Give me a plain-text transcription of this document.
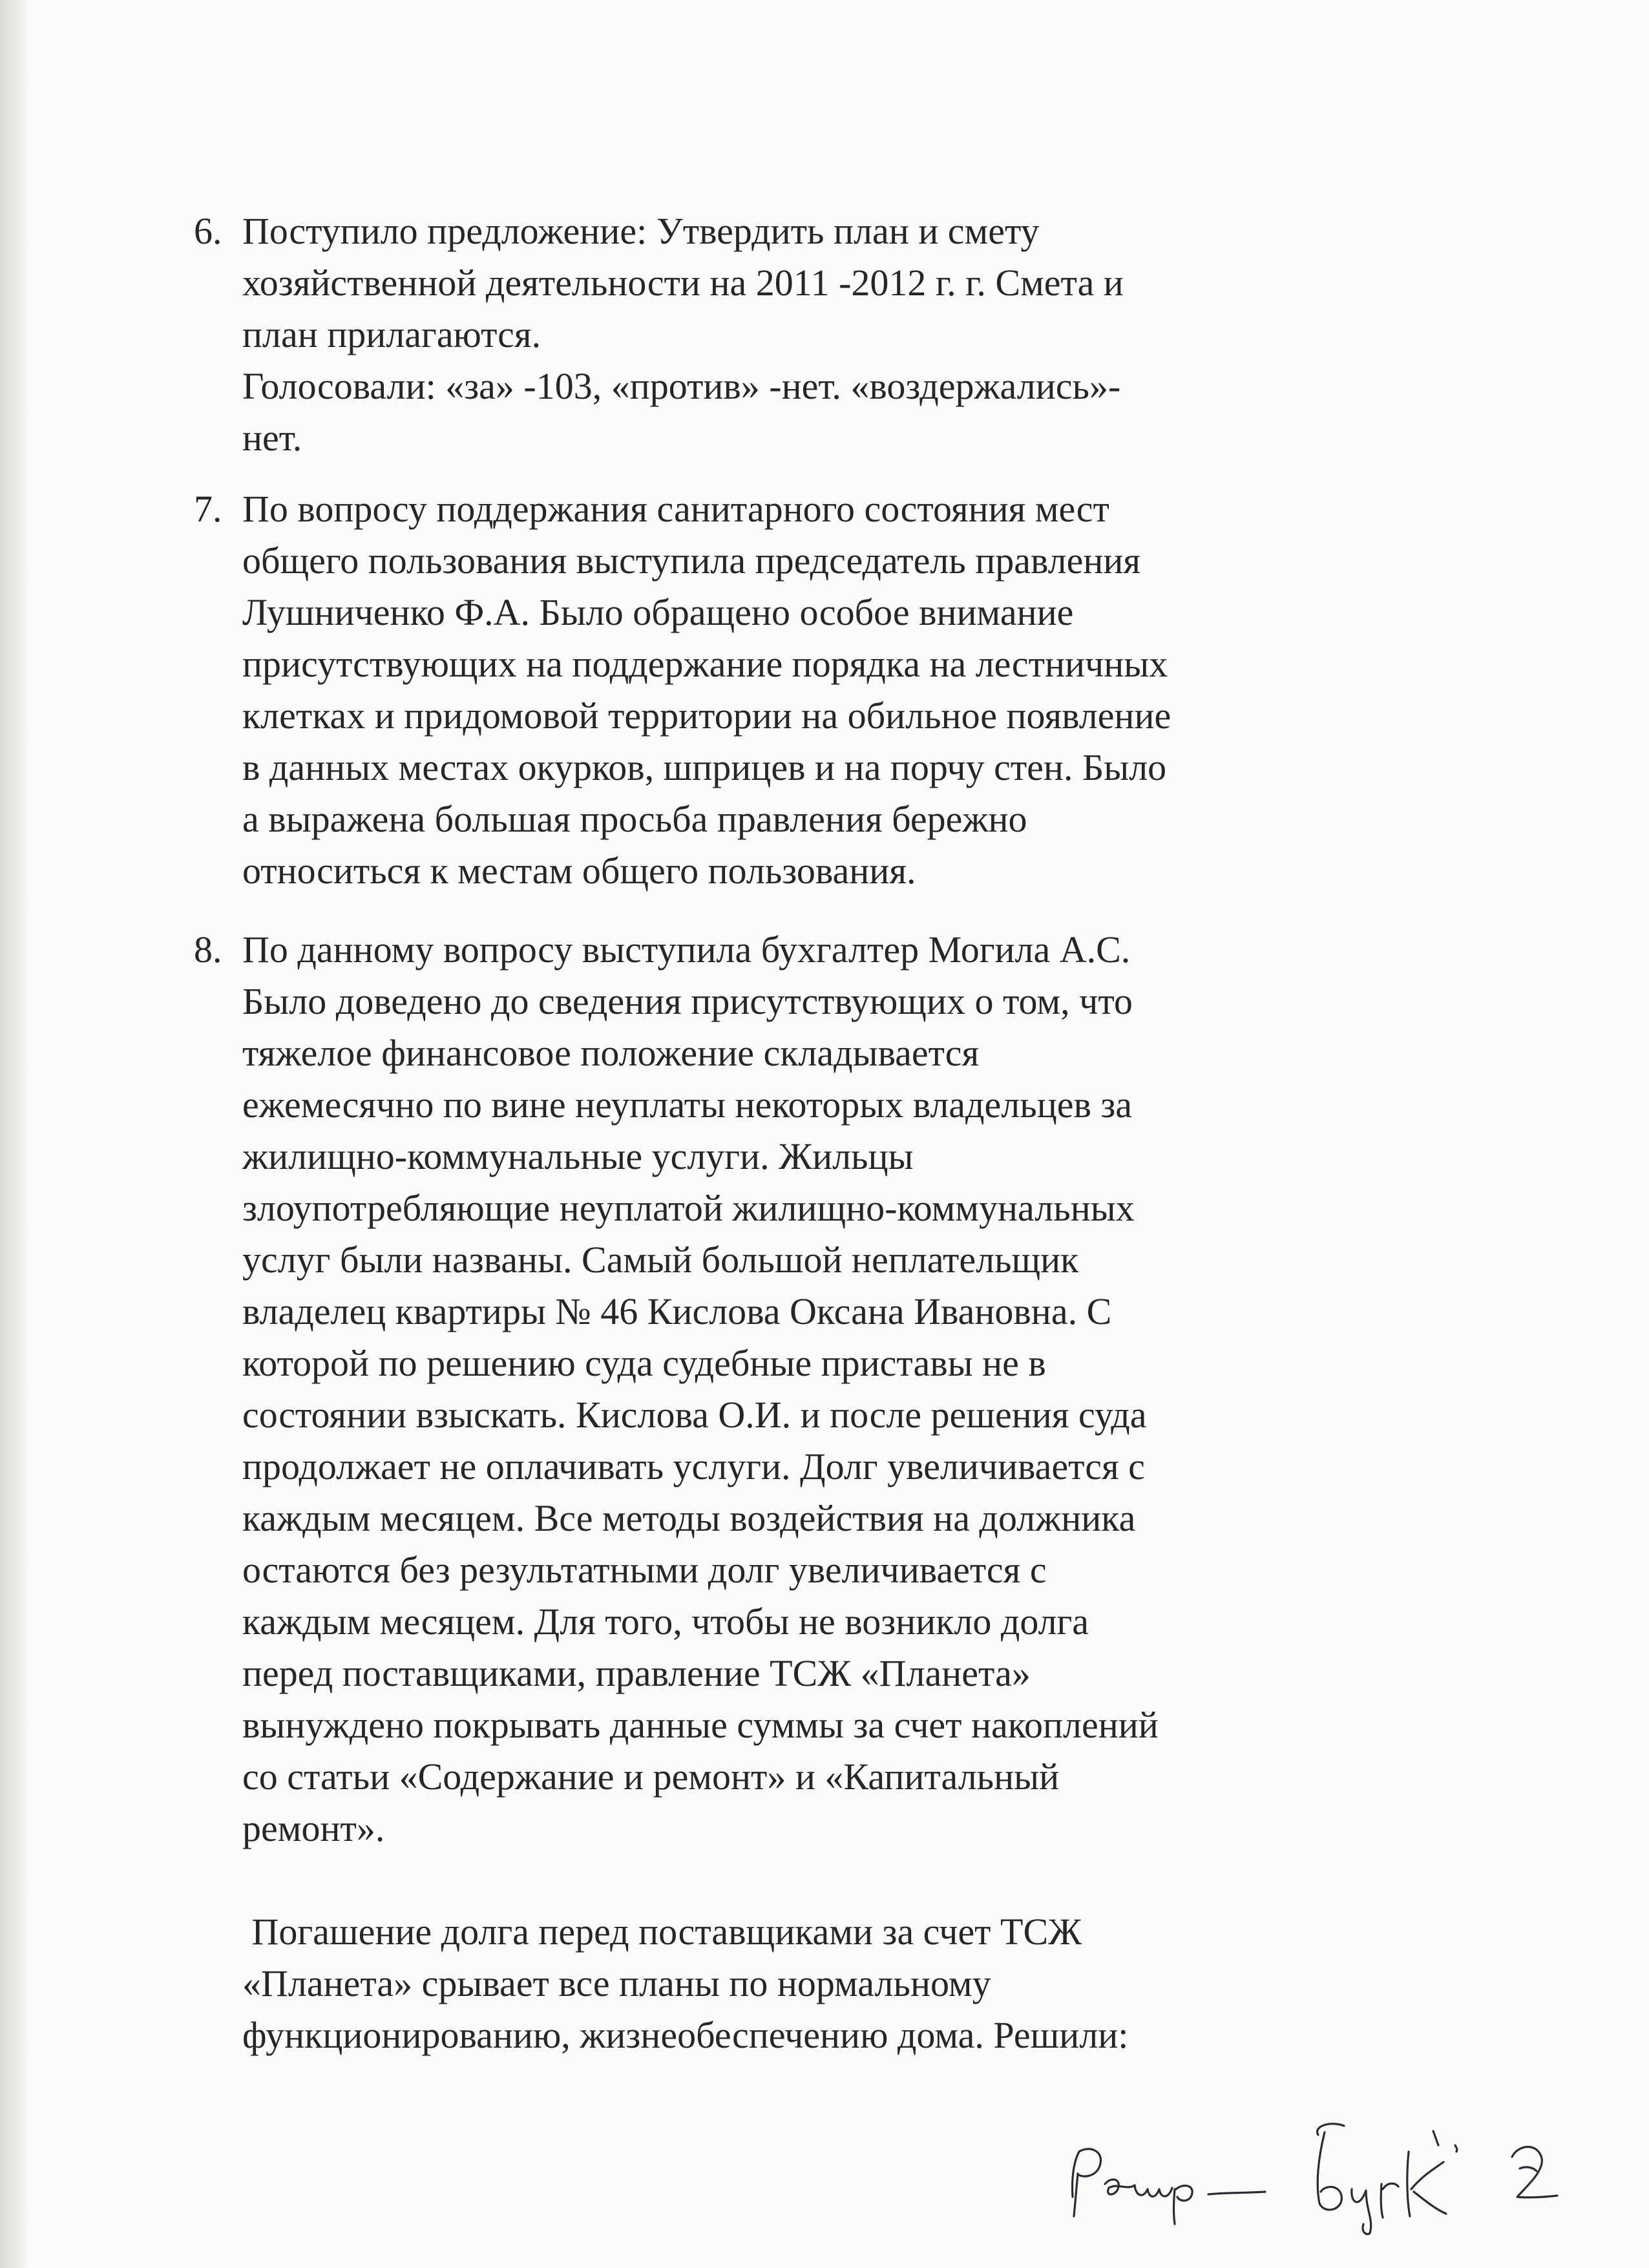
6. Поступило предложение: Утвердить план и смету
хозяйственной деятельности на 2011 -2012 г. г. Смета и
план прилагаются.
Голосовали: «за» -103, «против» -нет. «воздержались»-
нет.
7. По вопросу поддержания санитарного состояния мест
общего пользования выступила председатель правления
Лушниченко Ф.А. Было обращено особое внимание
присутствующих на поддержание порядка на лестничных
клетках и придомовой территории на обильное появление
в данных местах окурков, шприцев и на порчу стен. Было
а выражена большая просьба правления бережно
относиться к местам общего пользования.
8. По данному вопросу выступила бухгалтер Могила А.С.
Было доведено до сведения присутствующих о том, что
тяжелое финансовое положение складывается
ежемесячно по вине неуплаты некоторых владельцев за
жилищно-коммунальные услуги. Жильцы
злоупотребляющие неуплатой жилищно-коммунальных
услуг были названы. Самый большой неплательщик
владелец квартиры № 46 Кислова Оксана Ивановна. С
которой по решению суда судебные приставы не в
состоянии взыскать. Кислова О.И. и после решения суда
продолжает не оплачивать услуги. Долг увеличивается с
каждым месяцем. Все методы воздействия на должника
остаются без результатными долг увеличивается с
каждым месяцем. Для того, чтобы не возникло долга
перед поставщиками, правление ТСЖ «Планета»
вынуждено покрывать данные суммы за счет накоплений
со статьи «Содержание и ремонт» и «Капитальный
ремонт».
Погашение долга перед поставщиками за счет ТСЖ
«Планета» срывает все планы по нормальному
функционированию, жизнеобеспечению дома. Решили:
Решр — Бурк. 2
